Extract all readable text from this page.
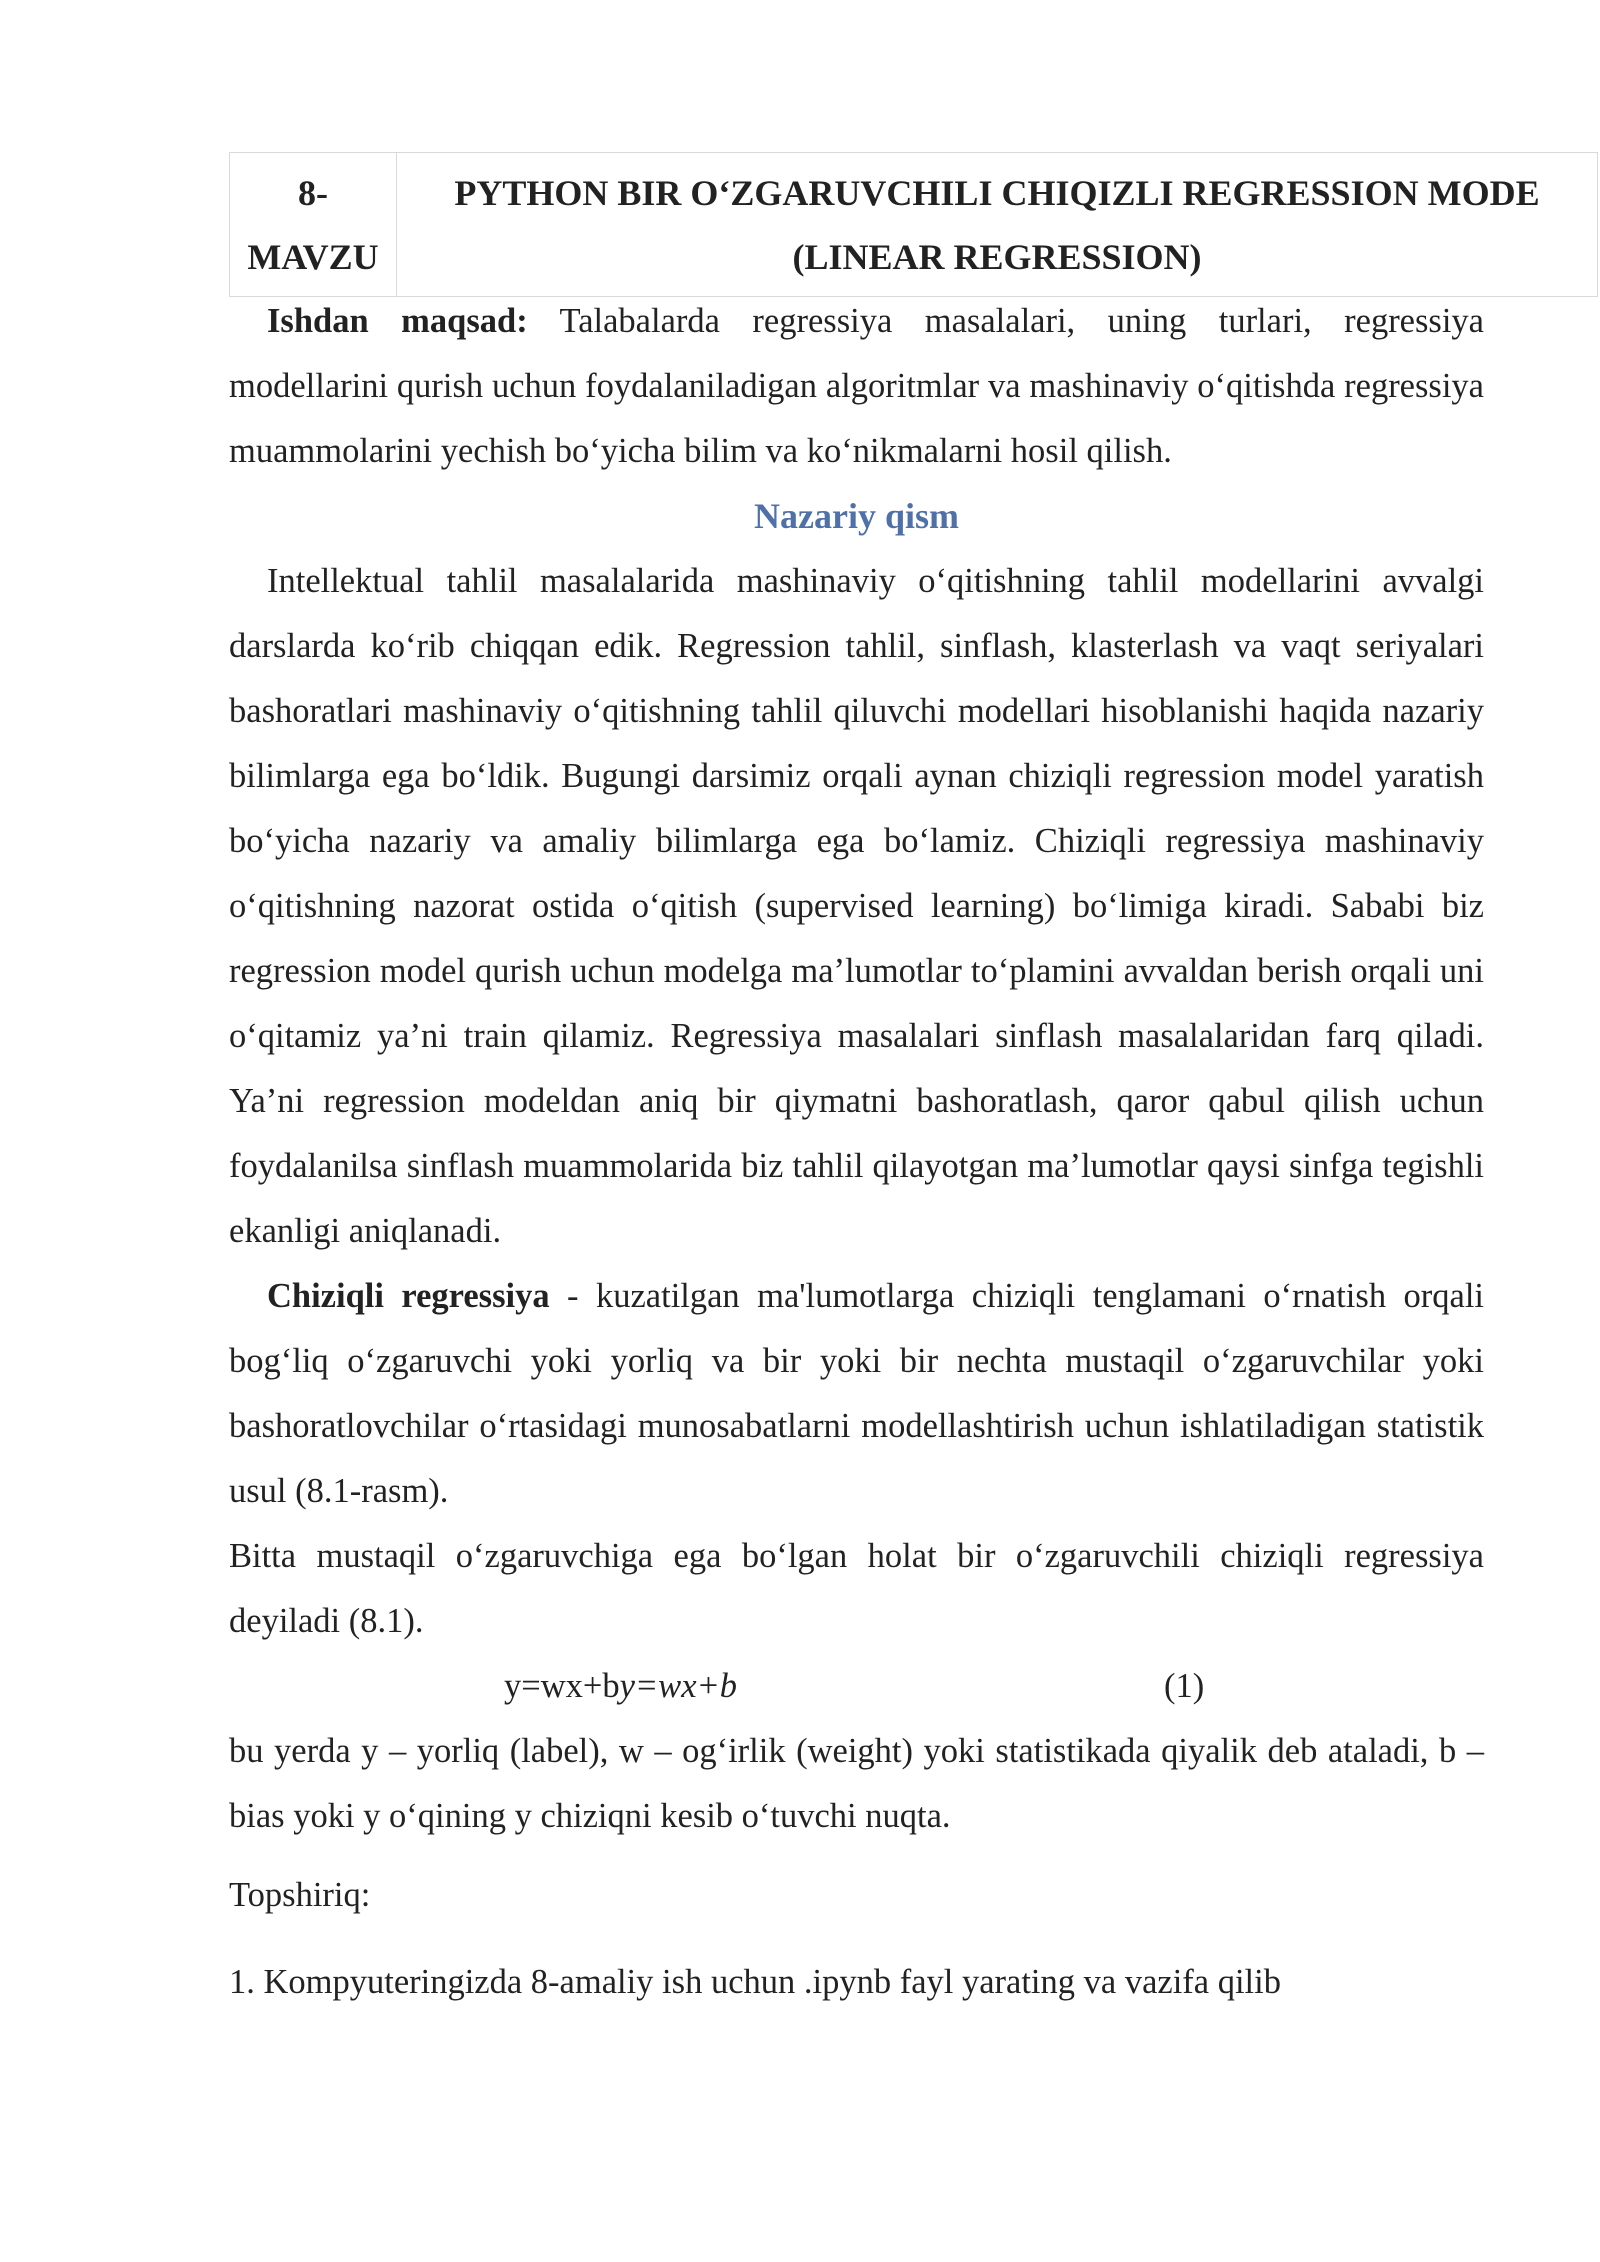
8-
MAVZU
PYTHON BIR O‘ZGARUVCHILI CHIQIZLI REGRESSION MODE
(LINEAR REGRESSION)

Ishdan maqsad: Talabalarda regressiya masalalari, uning turlari, regressiya modellarini qurish uchun foydalaniladigan algoritmlar va mashinaviy o‘qitishda regressiya muammolarini yechish bo‘yicha bilim va ko‘nikmalarni hosil qilish.

Nazariy qism

Intellektual tahlil masalalarida mashinaviy o‘qitishning tahlil modellarini avvalgi darslarda ko‘rib chiqqan edik. Regression tahlil, sinflash, klasterlash va vaqt seriyalari bashoratlari mashinaviy o‘qitishning tahlil qiluvchi modellari hisoblanishi haqida nazariy bilimlarga ega bo‘ldik. Bugungi darsimiz orqali aynan chiziqli regression model yaratish bo‘yicha nazariy va amaliy bilimlarga ega bo‘lamiz. Chiziqli regressiya mashinaviy o‘qitishning nazorat ostida o‘qitish (supervised learning) bo‘limiga kiradi. Sababi biz regression model qurish uchun modelga ma’lumotlar to‘plamini avvaldan berish orqali uni o‘qitamiz ya’ni train qilamiz. Regressiya masalalari sinflash masalalaridan farq qiladi. Ya’ni regression modeldan aniq bir qiymatni bashoratlash, qaror qabul qilish uchun foydalanilsa sinflash muammolarida biz tahlil qilayotgan ma’lumotlar qaysi sinfga tegishli ekanligi aniqlanadi.

Chiziqli regressiya - kuzatilgan ma'lumotlarga chiziqli tenglamani o‘rnatish orqali bog‘liq o‘zgaruvchi yoki yorliq va bir yoki bir nechta mustaqil o‘zgaruvchilar yoki bashoratlovchilar o‘rtasidagi munosabatlarni modellashtirish uchun ishlatiladigan statistik usul (8.1-rasm).

Bitta mustaqil o‘zgaruvchiga ega bo‘lgan holat bir o‘zgaruvchili chiziqli regressiya deyiladi (8.1).

y=wx+by=wx+b	(1)

bu yerda y – yorliq (label), w – og‘irlik (weight) yoki statistikada qiyalik deb ataladi, b – bias yoki y o‘qining y chiziqni kesib o‘tuvchi nuqta.

Topshiriq:

1. Kompyuteringizda 8-amaliy ish uchun .ipynb fayl yarating va vazifa qilib
